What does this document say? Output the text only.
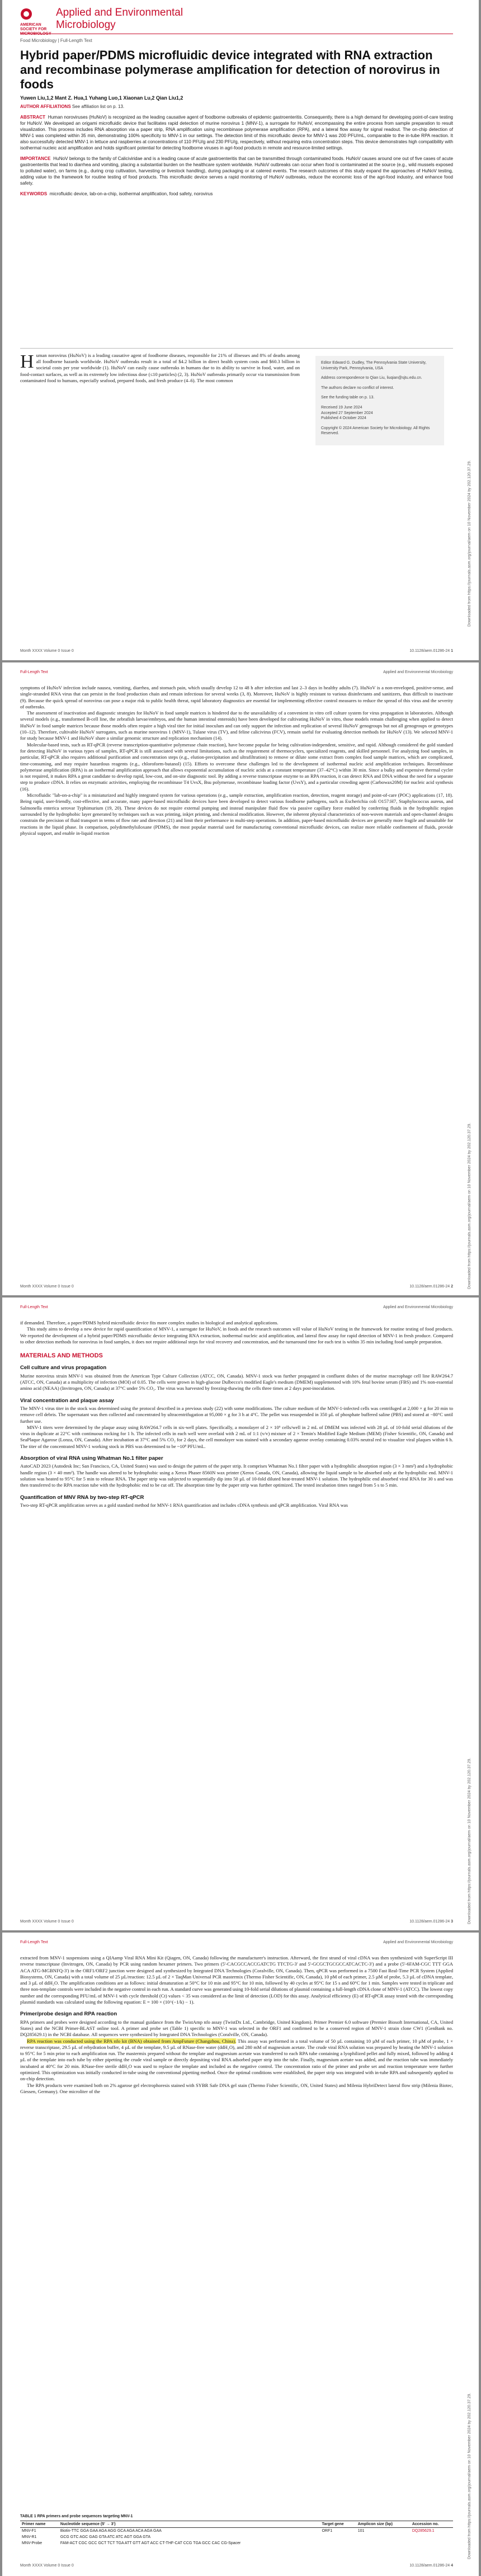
Downloaded from https://journals.asm.org/journal/aem on 10 November 2024 by 202.120.37.29.
AMERICAN SOCIETY FOR
Applied and Environmental
Microbiology
Food Microbiology | Full-Length Text
Hybrid paper/PDMS microfluidic device integrated with RNA extraction and recombinase polymerase amplification for detection of norovirus in foods
Yuwen Liu,1,2 Mant Z. Hua,1 Yuhang Luo,1 Xiaonan Lu,2 Qian Liu1,2
AUTHOR AFFILIATIONS See affiliation list on p. 13.

ABSTRACT Human noroviruses (HuNoV) is recognized as the leading causative agent of foodborne outbreaks of epidemic gastroenteritis. Consequently, there is a high demand for developing point-of-care testing for HuNoV. We developed an origami microfluidic device that facilitates rapid detection of murine norovirus 1 (MNV-1), a surrogate for HuNoV, encompassing the entire process from sample preparation to result visualization. This process includes RNA absorption via a paper strip, RNA amplification using recombinase polymerase amplification (RPA), and a lateral flow assay for signal readout. The on-chip detection of MNV-1 was completed within 35 min, demonstrating 100% specificity to MNV-1 in our settings. The detection limit of this microfluidic device for MNV-1 was 200 PFU/mL, comparable to the in-tube RPA reaction. It also successfully detected MNV-1 in lettuce and raspberries at concentrations of 110 PFU/g and 230 PFU/g, respectively, without requiring extra concentration steps. This device demonstrates high compatibility with isothermal nucleic acid amplification and holds significant potential for detecting foodborne viruses in agri-food products in remote and resource-limited settings.

IMPORTANCE HuNoV belongs to the family of Caliciviridae and is a leading cause of acute gastroenteritis that can be transmitted through contaminated foods. HuNoV causes around one out of five cases of acute gastroenteritis that lead to diarrhea and vomiting, placing a substantial burden on the healthcare system worldwide. HuNoV outbreaks can occur when food is contaminated at the source (e.g., wild mussels exposed to polluted water), on farms (e.g., during crop cultivation, harvesting or livestock handling), during packaging or at catered events. The research outcomes of this study expand the approaches of HuNoV testing, adding value to the framework for routine testing of food products. This microfluidic device serves a rapid monitoring of HuNoV outbreaks, reduce the economic loss of the agri-food industry, and enhance food safety.

KEYWORDS microfluidic device, lab-on-a-chip, isothermal amplification, food safety, norovirus

Human norovirus (HuNoV) is a leading causative agent of foodborne diseases, responsible for 21% of illnesses and 8% of deaths among all foodborne hazards worldwide. HuNoV outbreaks result in a total of $4.2 billion in direct health system costs and $60.3 billion in societal costs per year worldwide (1). HuNoV can easily cause outbreaks in humans due to its ability to survive in food, water, and on food-contact surfaces, as well as its extremely low infectious dose (≤10 particles) (2, 3). HuNoV outbreaks primarily occur via transmission from contaminated food to humans, especially seafood, prepared foods, and fresh produce (4–6). The most common

Editor Edward G. Dudley, The Pennsylvania State University, University Park, Pennsylvania, USA

Address correspondence to Qian Liu, liuqian@sjtu.edu.cn.

The authors declare no conflict of interest.

See the funding table on p. 13.

Received 19 June 2024

Accepted 27 September 2024

Published 4 October 2024

Copyright © 2024 American Society for Microbiology. All Rights Reserved.

Month XXXX Volume 0 Issue 0	10.1128/aem.01286-24 1
Downloaded from https://journals.asm.org/journal/aem on 10 November 2024 by 202.120.37.29.
Full-Length Text	Applied and Environmental Microbiology

symptoms of HuNoV infection include nausea, vomiting, diarrhea, and stomach pain, which usually develop 12 to 48 h after infection and last 2–3 days in healthy adults (7). HuNoV is a non-enveloped, positive-sense, and single-stranded RNA virus that can persist in the food production chain and remain infectious for several weeks (3, 8). Moreover, HuNoV is highly resistant to various disinfectants and sanitizers, thus difficult to inactivate (9). Because the quick spread of norovirus can pose a major risk to public health threat, rapid laboratory diagnostics are essential for implementing effective control measures to reduce the spread of this virus and the severity of outbreaks.

The assessment of inactivation and diagnostic strategies for HuNoV in food sample matrices is hindered due to the unavailability of a convenient in vitro cell culture system for virus propagation in laboratories. Although several models (e.g., transformed B-cell line, the zebrafish larvae/embryos, and the human intestinal enteroids) have been developed for cultivating HuNoV in vitro, those models remain challenging when applied to detect HuNoV in food sample matrices because those models often require a high viral titer for initial inoculum and can only support the infection and replication of several HuNoV genogroups but not all genogroups or genotypes (10–12). Therefore, cultivable HuNoV surrogates, such as murine norovirus 1 (MNV-1), Tulane virus (TV), and feline calicivirus (FCV), remain useful for evaluating detection methods for HuNoV (13). We selected MNV-1 for study because MNV-1 and HuNoV share a similar genomic structure and replication mechanism (14).

Molecular-based tests, such as RT-qPCR (reverse transcription-quantitative polymerase chain reaction), have become popular for being cultivation-independent, sensitive, and rapid. Although considered the gold standard for detecting HuNoV in various types of samples, RT-qPCR is still associated with several limitations, such as the requirement of thermocyclers, specialized reagents, and skilled personnel. For analyzing food samples, in particular, RT-qPCR also requires additional purification and concentration steps (e.g., elution-precipitation and ultrafiltration) to remove or dilute some extract from complex food sample matrices, which are complicated, time-consuming, and may require hazardous reagents (e.g., chloroform-butanol) (15). Efforts to overcome these challenges led to the development of isothermal nucleic acid amplification techniques. Recombinase polymerase amplification (RPA) is an isothermal amplification approach that allows exponential accumulation of nucleic acids at a constant temperature (37–42°C) within 30 min. Since a bulky and expensive thermal cycler is not required, it makes RPA a great candidate to develop rapid, low-cost, and on-site diagnostic tool. By adding a reverse transcriptase enzyme to an RPA reaction, it can detect RNA and DNA without the need for a separate step to produce cDNA. It relies on enzymatic activities, employing the recombinase T4 UvsX, Bsu polymerase, recombinase loading factor (UvsY), and a particular crowding agent (Carbowax20M) for nucleic acid synthesis (16).

Microfluidic "lab-on-a-chip" is a miniaturized and highly integrated system for various operations (e.g., sample extraction, amplification reaction, detection, reagent storage) and point-of-care (POC) applications (17, 18). Being rapid, user-friendly, cost-effective, and accurate, many paper-based microfluidic devices have been developed to detect various foodborne pathogens, such as Escherichia coli O157:H7, Staphylococcus aureus, and Salmonella enterica serovar Typhimurium (19, 20). These devices do not require external pumping and instead manipulate fluid flow via passive capillary force enabled by conferring fluids in the hydrophilic region surrounded by the hydrophobic layer generated by techniques such as wax printing, inkjet printing, and chemical modification. However, the inherent physical characteristics of non-woven materials and open-channel designs constrain the precision of fluid transport in terms of flow rate and direction (21) and limit their performance in multi-step operations. In addition, paper-based microfluidic devices are generally more fragile and unsuitable for reactions in the liquid phase. In comparison, polydimethylsiloxane (PDMS), the most popular material used for manufacturing conventional microfluidic devices, can realize more reliable confinement of fluids, provide physical support, and enable in-liquid reaction

Month XXXX Volume 0 Issue 0	10.1128/aem.01286-24 2
Downloaded from https://journals.asm.org/journal/aem on 10 November 2024 by 202.120.37.29.
Full-Length Text	Applied and Environmental Microbiology

if demanded. Therefore, a paper/PDMS hybrid microfluidic device fits more complex studies in biological and analytical applications.

This study aims to develop a new device for rapid quantification of MNV-1, a surrogate for HuNoV, in foods and the research outcomes will value of HuNoV testing in the framework for routine testing of food products. We reported the development of a hybrid paper/PDMS microfluidic device integrating RNA extraction, isothermal nucleic acid amplification, and lateral flow assay for rapid detection of MNV-1 in fresh produce. Compared to other detection methods for norovirus in food samples, it does not require additional steps for viral recovery and concentration, and the turnaround time for each test is within 35 min including food sample preparation.

MATERIALS AND METHODS
Cell culture and virus propagation

Murine norovirus strain MNV-1 was obtained from the American Type Culture Collection (ATCC, ON, Canada). MNV-1 stock was further propagated in confluent dishes of the murine macrophage cell line RAW264.7 (ATCC, ON, Canada) at a multiplicity of infection (MOI) of 0.05. The cells were grown in high-glucose Dulbecco's modified Eagle's medium (DMEM) supplemented with 10% fetal bovine serum (FBS) and 1% non-essential amino acid (NEAA) (Invitrogen, ON, Canada) at 37°C under 5% CO₂. The virus was harvested by freezing-thawing the cells three times at 2 days post-inoculation.

Viral concentration and plaque assay

The MNV-1 virus titer in the stock was determined using the protocol described in a previous study (22) with some modifications. The culture medium of the MNV-1-infected cells was centrifuged at 2,000 × g for 20 min to remove cell debris. The supernatant was then collected and concentrated by ultracentrifugation at 95,000 × g for 3 h at 4°C. The pellet was resuspended in 350 µL of phosphate buffered saline (PBS) and stored at −80°C until further use.

MNV-1 titers were determined by the plaque assay using RAW264.7 cells in six-well plates. Specifically, a monolayer of 2 × 10⁶ cells/well in 2 mL of DMEM was infected with 28 µL of 10-fold serial dilutions of the virus in duplicate at 22°C with continuous rocking for 1 h. The infected cells in each well were overlaid with 2 mL of 1:1 (v/v) mixture of 2 × Temin's Modified Eagle Medium (MEM) (Fisher Scientific, ON, Canada) and SeaPlaque Agarose (Lonza, ON, Canada). After incubation at 37°C and 5% CO₂ for 2 days, the cell monolayer was stained with a secondary agarose overlay containing 0.03% neutral red to visualize viral plaques within 6 h. The titer of the concentrated MNV-1 working stock in PBS was determined to be ~10⁸ PFU/mL.

Absorption of viral RNA using Whatman No.1 filter paper

AutoCAD 2023 (Autodesk Inc; San Francisco, CA, United States) was used to design the pattern of the paper strip. It comprises Whatman No.1 filter paper with a hydrophilic absorption region (3 × 3 mm²) and a hydrophobic handle region (3 × 40 mm²). The handle was altered to be hydrophobic using a Xerox Phaser 8560N wax printer (Xerox Canada, ON, Canada), allowing the liquid sample to be absorbed only at the hydrophilic end. MNV-1 solution was heated to 95°C for 5 min to release RNA. The paper strip was subjected to sequentially dip into 50 µL of 10-fold diluted heat-treated MNV-1 solution. The hydrophilic end absorbed viral RNA for 30 s and was then transferred to the RPA reaction tube with the hydrophobic end to be cut off. The absorption time by the paper strip was further optimized. The tested incubation times ranged from 5 s to 5 min.

Quantification of MNV RNA by two-step RT-qPCR

Two-step RT-qPCR amplification serves as a gold standard method for MNV-1 RNA quantification and includes cDNA synthesis and qPCR amplification. Viral RNA was

Month XXXX Volume 0 Issue 0	10.1128/aem.01286-24 3
Downloaded from https://journals.asm.org/journal/aem on 10 November 2024 by 202.120.37.29.
Full-Length Text	Applied and Environmental Microbiology

extracted from MNV-1 suspensions using a QIAamp Viral RNA Mini Kit (Qiagen, ON, Canada) following the manufacturer's instruction. Afterward, the first strand of viral cDNA was then synthesized with SuperScript III reverse transcriptase (Invitrogen, ON, Canada) by PCR using random hexamer primers. Two primers (5'-CACGCCACCGATCTG TTCTG-3' and 5'-GCGCTGCGCCATCACTC-3') and a probe (5'-6FAM-CGC TTT GGA ACA ATG-MGBNFQ-3') in the ORF1/ORF2 junction were designed and synthesized by Integrated DNA Technologies (Coralville, ON, Canada). Then, qPCR was performed in a 7500 Fast Real-Time PCR System (Applied Biosystems, ON, Canada) with a total volume of 25 µL/reaction: 12.5 µL of 2 × TaqMan Universal PCR mastermix (Thermo Fisher Scientific, ON, Canada), 10 pM of each primer, 2.5 µM of probe, 5.3 µL of cDNA template, and 3 µL of ddH₂O. The amplification conditions are as follows: initial denaturation at 50°C for 10 min and 95°C for 10 min, followed by 40 cycles at 95°C for 15 s and 60°C for 1 min. Samples were tested in triplicate and three non-template controls were included in the negative control in each run. A standard curve was generated using 10-fold serial dilutions of plasmid containing a full-length cDNA clone of MNV-1 (ATCC). The lowest copy number and the corresponding PFU/mL of MNV-1 with cycle threshold (Ct) values < 35 was considered as the limit of detection (LOD) for this assay. Analytical efficiency (E) of RT-qPCR assay tested with the corresponding plasmid standards was calculated using the following equation: E = 100 × (10^(−1/k) − 1).

Primer/probe design and RPA reaction

RPA primers and probes were designed according to the manual guidance from the TwistAmp nfo assay (TwistDx Ltd., Cambridge, United Kingdom). Primer Premier 6.0 software (Premier Biosoft International, CA, United States) and the NCBI Primer-BLAST online tool. A primer and probe set (Table 1) specific to MNV-1 was selected in the ORF1 and confirmed to be a conserved region of MNV-1 strain clone CW1 (GenBank no. DQ285629.1) in the NCBI database. All sequences were synthesized by Integrated DNA Technologies (Coralville, ON, Canada).

RPA reaction was conducted using the RPA nfo kit (BNA) obtained from AmpFuture (Changzhou, China). This assay was performed in a total volume of 50 µL containing 10 µM of each primer, 10 µM of probe, 1 × reverse transcriptase, 29.5 µL of rehydration buffer, 4 µL of the template, 9.5 µL of RNase-free water (ddH₂O), and 280 mM of magnesium acetate. The crude viral RNA solution was prepared by heating the MNV-1 solution to 95°C for 5 min prior to each amplification run. The mastermix prepared without the template and magnesium acetate was transferred to each RPA tube containing a lyophilized pellet and fully mixed, followed by adding 4 µL of the template into each tube by either pipetting the crude viral sample or directly depositing viral RNA adsorbed paper strip into the tube. Finally, magnesium acetate was added, and the reaction tube was immediately incubated at 40°C for 20 min. RNase-free sterile ddH₂O was used to replace the template and included as the negative control. The concentration ratio of the primer and probe set and reaction temperature were further optimized. This optimization was initially conducted in-tube using the conventional pipetting method. Once the optimal conditions were established, the paper strip was integrated with in-tube RPA and subsequently applied to on-chip detection.

The RPA products were examined both on 2% agarose gel electrophoresis stained with SYBR Safe DNA gel stain (Thermo Fisher Scientific, ON, United States) and Milenia HybriDetect lateral flow strip (Milenia Biotec, Giessen, Germany). One microliter of the

TABLE 1 RPA primers and probe sequences targeting MNV-1
Primer name	Nucleotide sequence (5' → 3')	Target gene	Amplicon size (bp)	Accession no.
MNV-F1	Biotin-TTC GGA GAA AGA AGG GCA AGA ACA AGA GAA	ORF1	101	DQ285629.1
MNV-R1	GCG GTC AGC GAG GTA ATC ATC AGT GGA GTA			
MNV-Probe	FAM-ACT CGC GCC GCT TCT TGA ATT GTT AGT ACC CT-THF-CAT CCG TGA GCC CAC CG-Spacer			
Month XXXX Volume 0 Issue 0	10.1128/aem.01286-24 4
